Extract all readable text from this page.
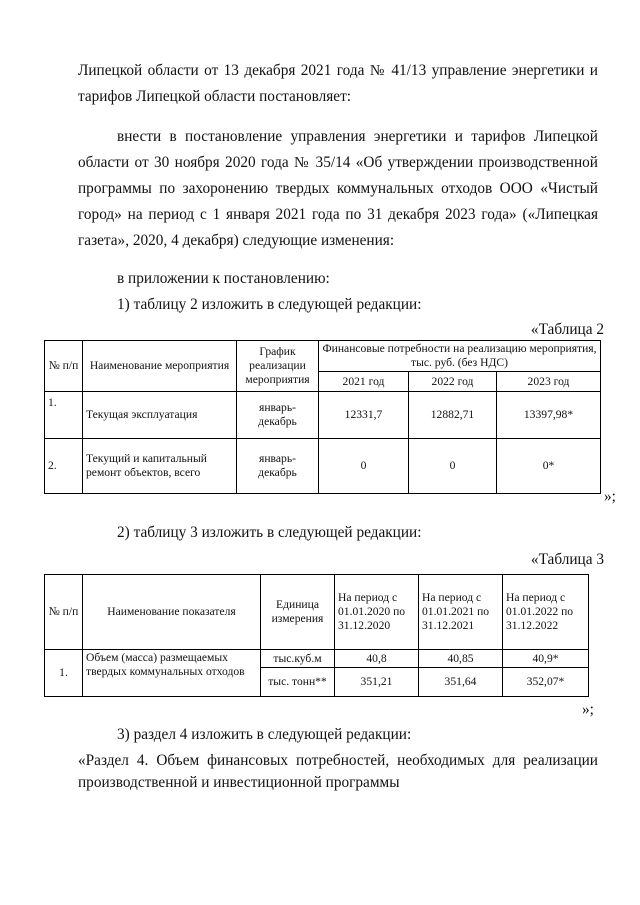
Липецкой области от 13 декабря 2021 года № 41/13 управление энергетики и

тарифов Липецкой области постановляет:

внести в постановление управления энергетики и тарифов Липецкой

области от 30 ноября 2020 года № 35/14 «Об утверждении производственной

программы по захоронению твердых коммунальных отходов ООО «Чистый

город» на период с 1 января 2021 года по 31 декабря 2023 года» («Липецкая

газета», 2020, 4 декабря) следующие изменения:

в приложении к постановлению:

1) таблицу 2 изложить в следующей редакции:

«Таблица 2
№ п/п	Наименование мероприятия	График реализации мероприятия	Финансовые потребности на реализацию мероприятия, тыс. руб. (без НДС)		
			2021 год	2022 год	2023 год
1.	Текущая эксплуатация	январь-декабрь	12331,7	12882,71	13397,98*
2.	Текущий и капитальный ремонт объектов, всего	январь-декабрь	0	0	0*
»;

2) таблицу 3 изложить в следующей редакции:

«Таблица 3
№ п/п	Наименование показателя	Единица измерения	На период с 01.01.2020 по 31.12.2020	На период с 01.01.2021 по 31.12.2021	На период с 01.01.2022 по 31.12.2022
1.	Объем (масса) размещаемых твердых коммунальных отходов	тыс.куб.м	40,8	40,85	40,9*
		тыс. тонн**	351,21	351,64	352,07*
»;

3) раздел 4 изложить в следующей редакции:

«Раздел 4. Объем финансовых потребностей, необходимых для реализации

производственной и инвестиционной программы
